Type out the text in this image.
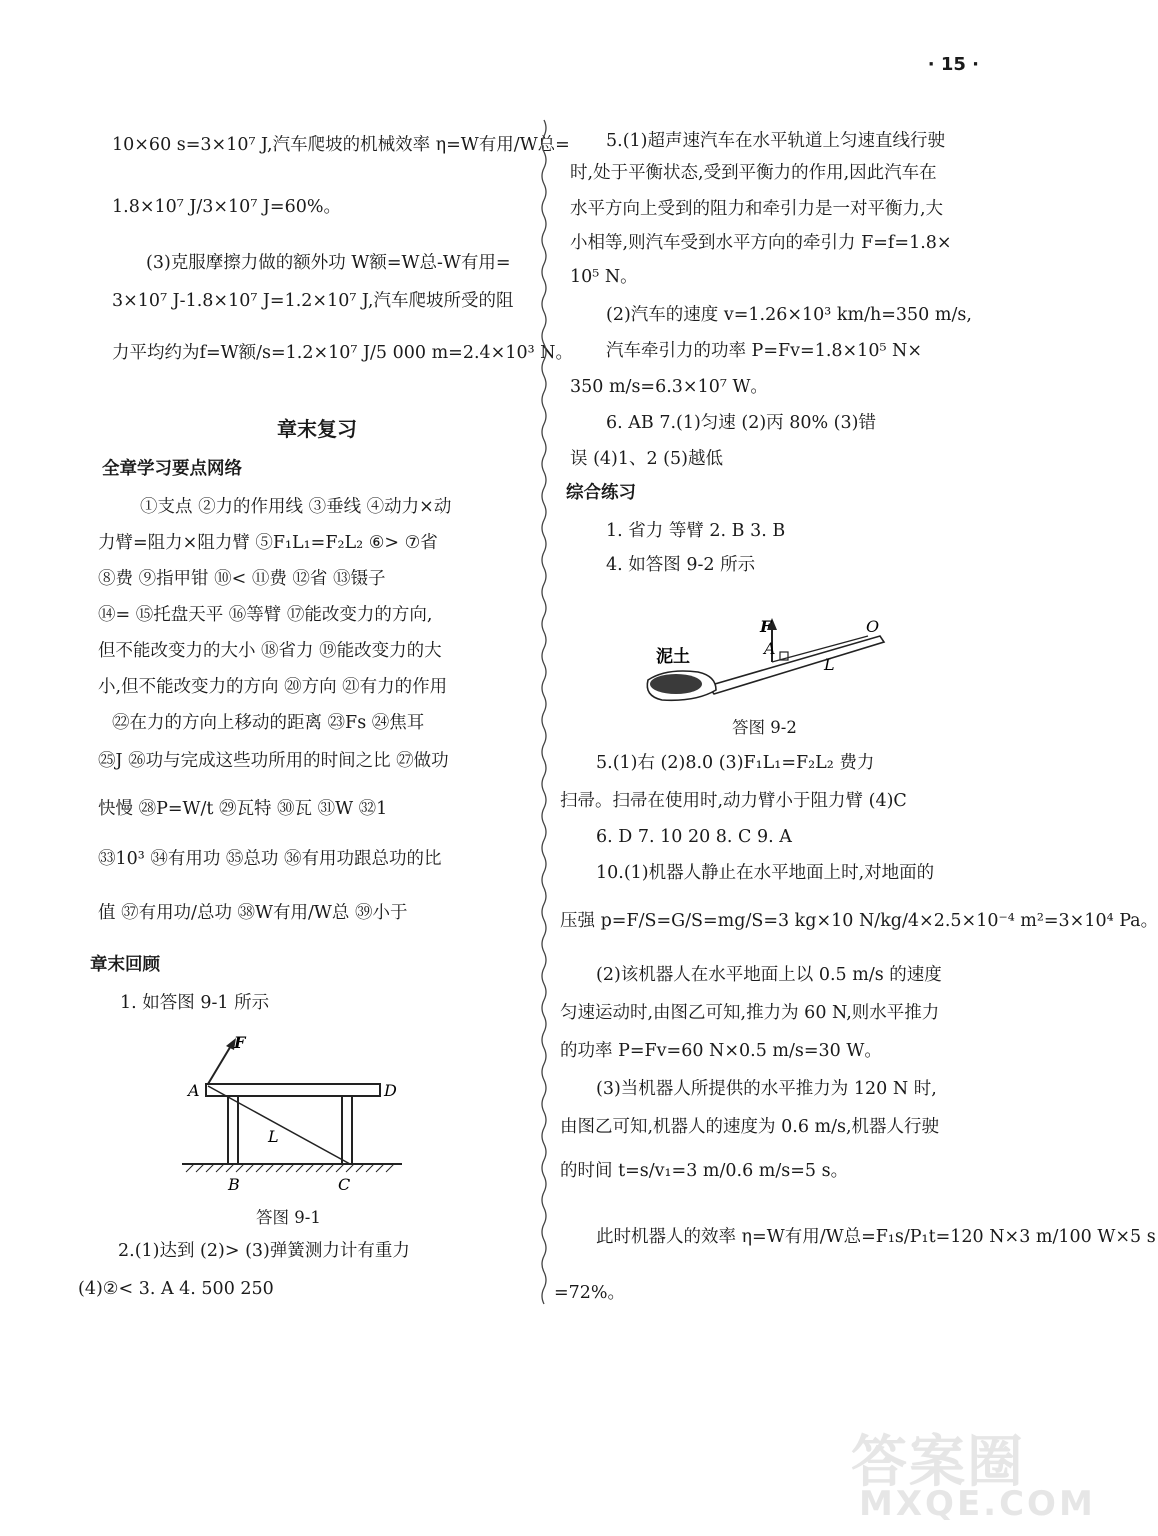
· 15 ·
10×60 s=3×10⁷ J,汽车爬坡的机械效率 η=W有用/W总=
1.8×10⁷ J/3×10⁷ J=60%。
(3)克服摩擦力做的额外功 W额=W总-W有用=
3×10⁷ J-1.8×10⁷ J=1.2×10⁷ J,汽车爬坡所受的阻
力平均约为f=W额/s=1.2×10⁷ J/5 000 m=2.4×10³ N。
章末复习
全章学习要点网络
①支点 ②力的作用线 ③垂线 ④动力×动
力臂=阻力×阻力臂 ⑤F₁L₁=F₂L₂ ⑥> ⑦省
⑧费 ⑨指甲钳 ⑩< ⑪费 ⑫省 ⑬镊子
⑭= ⑮托盘天平 ⑯等臂 ⑰能改变力的方向,
但不能改变力的大小 ⑱省力 ⑲能改变力的大
小,但不能改变力的方向 ⑳方向 ㉑有力的作用
㉒在力的方向上移动的距离 ㉓Fs ㉔焦耳
㉕J ㉖功与完成这些功所用的时间之比 ㉗做功
快慢 ㉘P=W/t ㉙瓦特 ㉚瓦 ㉛W ㉜1
㉝10³ ㉞有用功 ㉟总功 ㊱有用功跟总功的比
值 ㊲有用功/总功 ㊳W有用/W总 ㊴小于
章末回顾
1. 如答图 9-1 所示
F
A	D
L
B	C
答图 9-1
2.(1)达到 (2)> (3)弹簧测力计有重力
(4)②< 3. A 4. 500 250
5.(1)超声速汽车在水平轨道上匀速直线行驶
时,处于平衡状态,受到平衡力的作用,因此汽车在
水平方向上受到的阻力和牵引力是一对平衡力,大
小相等,则汽车受到水平方向的牵引力 F=f=1.8×
10⁵ N。
(2)汽车的速度 v=1.26×10³ km/h=350 m/s,
汽车牵引力的功率 P=Fv=1.8×10⁵ N×
350 m/s=6.3×10⁷ W。
6. AB 7.(1)匀速 (2)丙 80% (3)错
误 (4)1、2 (5)越低
综合练习
1. 省力 等臂 2. B 3. B
4. 如答图 9-2 所示
F	O
A
L
泥土
答图 9-2
5.(1)右 (2)8.0 (3)F₁L₁=F₂L₂ 费力
扫帚。扫帚在使用时,动力臂小于阻力臂 (4)C
6. D 7. 10 20 8. C 9. A
10.(1)机器人静止在水平地面上时,对地面的
压强 p=F/S=G/S=mg/S=3 kg×10 N/kg/4×2.5×10⁻⁴ m²=3×10⁴ Pa。
(2)该机器人在水平地面上以 0.5 m/s 的速度
匀速运动时,由图乙可知,推力为 60 N,则水平推力
的功率 P=Fv=60 N×0.5 m/s=30 W。
(3)当机器人所提供的水平推力为 120 N 时,
由图乙可知,机器人的速度为 0.6 m/s,机器人行驶
的时间 t=s/v₁=3 m/0.6 m/s=5 s。
此时机器人的效率 η=W有用/W总=F₁s/P₁t=120 N×3 m/100 W×5 s
=72%。
答案圈
MXQE.COM
